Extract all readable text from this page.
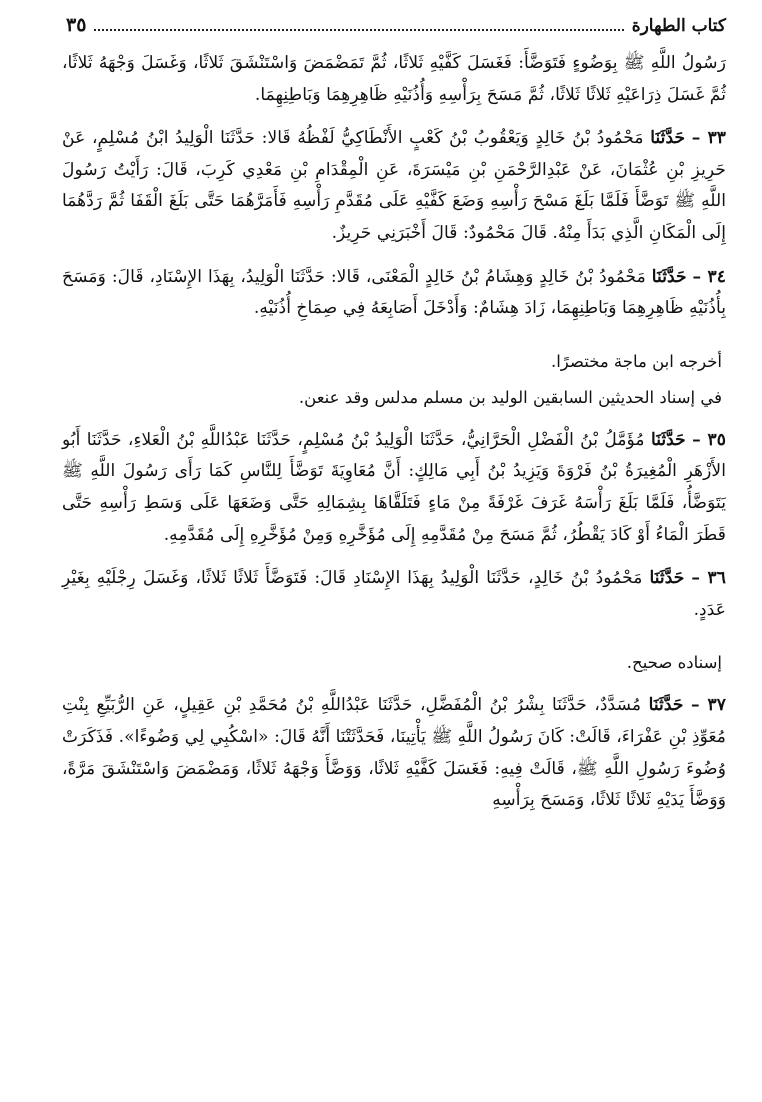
كتاب الطهارة
٣٥

رَسُولُ اللَّهِ ﷺ بِوَضُوءٍ فَتَوَضَّأَ: فَغَسَلَ كَفَّيْهِ ثَلاثًا، ثُمَّ تَمَضْمَضَ وَاسْتَنْشَقَ ثَلاثًا، وَغَسَلَ وَجْهَهُ ثَلاثًا، ثُمَّ غَسَلَ ذِرَاعَيْهِ ثَلاثًا ثَلاثًا، ثُمَّ مَسَحَ بِرَأْسِهِ وَأُذُنَيْهِ ظَاهِرِهِمَا وَبَاطِنِهِمَا.

٣٣ – حَدَّثَنَا مَحْمُودُ بْنُ خَالِدٍ وَيَعْقُوبُ بْنُ كَعْبٍ الأَنْطَاكِيُّ لَفْظُهُ قَالا: حَدَّثَنَا الْوَلِيدُ ابْنُ مُسْلِمٍ، عَنْ حَرِيزِ بْنِ عُثْمَانَ، عَنْ عَبْدِالرَّحْمَنِ بْنِ مَيْسَرَةَ، عَنِ الْمِقْدَامِ بْنِ مَعْدِي كَرِبَ، قَالَ: رَأَيْتُ رَسُولَ اللَّهِ ﷺ تَوَضَّأَ فَلَمَّا بَلَغَ مَسْحَ رَأْسِهِ وَضَعَ كَفَّيْهِ عَلَى مُقَدَّمِ رَأْسِهِ فَأَمَرَّهُمَا حَتَّى بَلَغَ الْقَفَا ثُمَّ رَدَّهُمَا إِلَى الْمَكَانِ الَّذِي بَدَأَ مِنْهُ. قَالَ مَحْمُودٌ: قَالَ أَخْبَرَنِي حَرِيزٌ.

٣٤ – حَدَّثَنَا مَحْمُودُ بْنُ خَالِدٍ وَهِشَامُ بْنُ خَالِدٍ الْمَعْنَى، قَالا: حَدَّثَنَا الْوَلِيدُ، بِهَذَا الإِسْنَادِ، قَالَ: وَمَسَحَ بِأُذُنَيْهِ ظَاهِرِهِمَا وَبَاطِنِهِمَا، زَادَ هِشَامٌ: وَأَدْخَلَ أَصَابِعَهُ فِي صِمَاخِ أُذُنَيْهِ.

أخرجه ابن ماجة مختصرًا.

في إسناد الحديثين السابقين الوليد بن مسلم مدلس وقد عنعن.

٣٥ – حَدَّثَنَا مُؤَمَّلُ بْنُ الْفَضْلِ الْحَرَّانِيُّ، حَدَّثَنَا الْوَلِيدُ بْنُ مُسْلِمٍ، حَدَّثَنَا عَبْدُاللَّهِ بْنُ الْعَلاءِ، حَدَّثَنَا أَبُو الأَزْهَرِ الْمُغِيرَةُ بْنُ فَرْوَةَ وَيَزِيدُ بْنُ أَبِي مَالِكٍ: أَنَّ مُعَاوِيَةَ تَوَضَّأَ لِلنَّاسِ كَمَا رَأَى رَسُولَ اللَّهِ ﷺ يَتَوَضَّأُ، فَلَمَّا بَلَغَ رَأْسَهُ غَرَفَ غَرْفَةً مِنْ مَاءٍ فَتَلَقَّاهَا بِشِمَالِهِ حَتَّى وَضَعَهَا عَلَى وَسَطِ رَأْسِهِ حَتَّى قَطَرَ الْمَاءُ أَوْ كَادَ يَقْطُرُ، ثُمَّ مَسَحَ مِنْ مُقَدَّمِهِ إِلَى مُؤَخَّرِهِ وَمِنْ مُؤَخَّرِهِ إِلَى مُقَدَّمِهِ.

٣٦ – حَدَّثَنَا مَحْمُودُ بْنُ خَالِدٍ، حَدَّثَنَا الْوَلِيدُ بِهَذَا الإِسْنَادِ قَالَ: فَتَوَضَّأَ ثَلاثًا ثَلاثًا، وَغَسَلَ رِجْلَيْهِ بِغَيْرِ عَدَدٍ.

إسناده صحيح.

٣٧ – حَدَّثَنَا مُسَدَّدٌ، حَدَّثَنَا بِشْرُ بْنُ الْمُفَضَّلِ، حَدَّثَنَا عَبْدُاللَّهِ بْنُ مُحَمَّدِ بْنِ عَقِيلٍ، عَنِ الرُّبَيِّعِ بِنْتِ مُعَوِّذِ بْنِ عَفْرَاءَ، قَالَتْ: كَانَ رَسُولُ اللَّهِ ﷺ يَأْتِينَا، فَحَدَّثَتْنَا أَنَّهُ قَالَ: «اسْكُبِي لِي وَضُوءًا». فَذَكَرَتْ وُضُوءَ رَسُولِ اللَّهِ ﷺ، قَالَتْ فِيهِ: فَغَسَلَ كَفَّيْهِ ثَلاثًا، وَوَضَّأَ وَجْهَهُ ثَلاثًا، وَمَضْمَضَ وَاسْتَنْشَقَ مَرَّةً، وَوَضَّأَ يَدَيْهِ ثَلاثًا ثَلاثًا، وَمَسَحَ بِرَأْسِهِ
